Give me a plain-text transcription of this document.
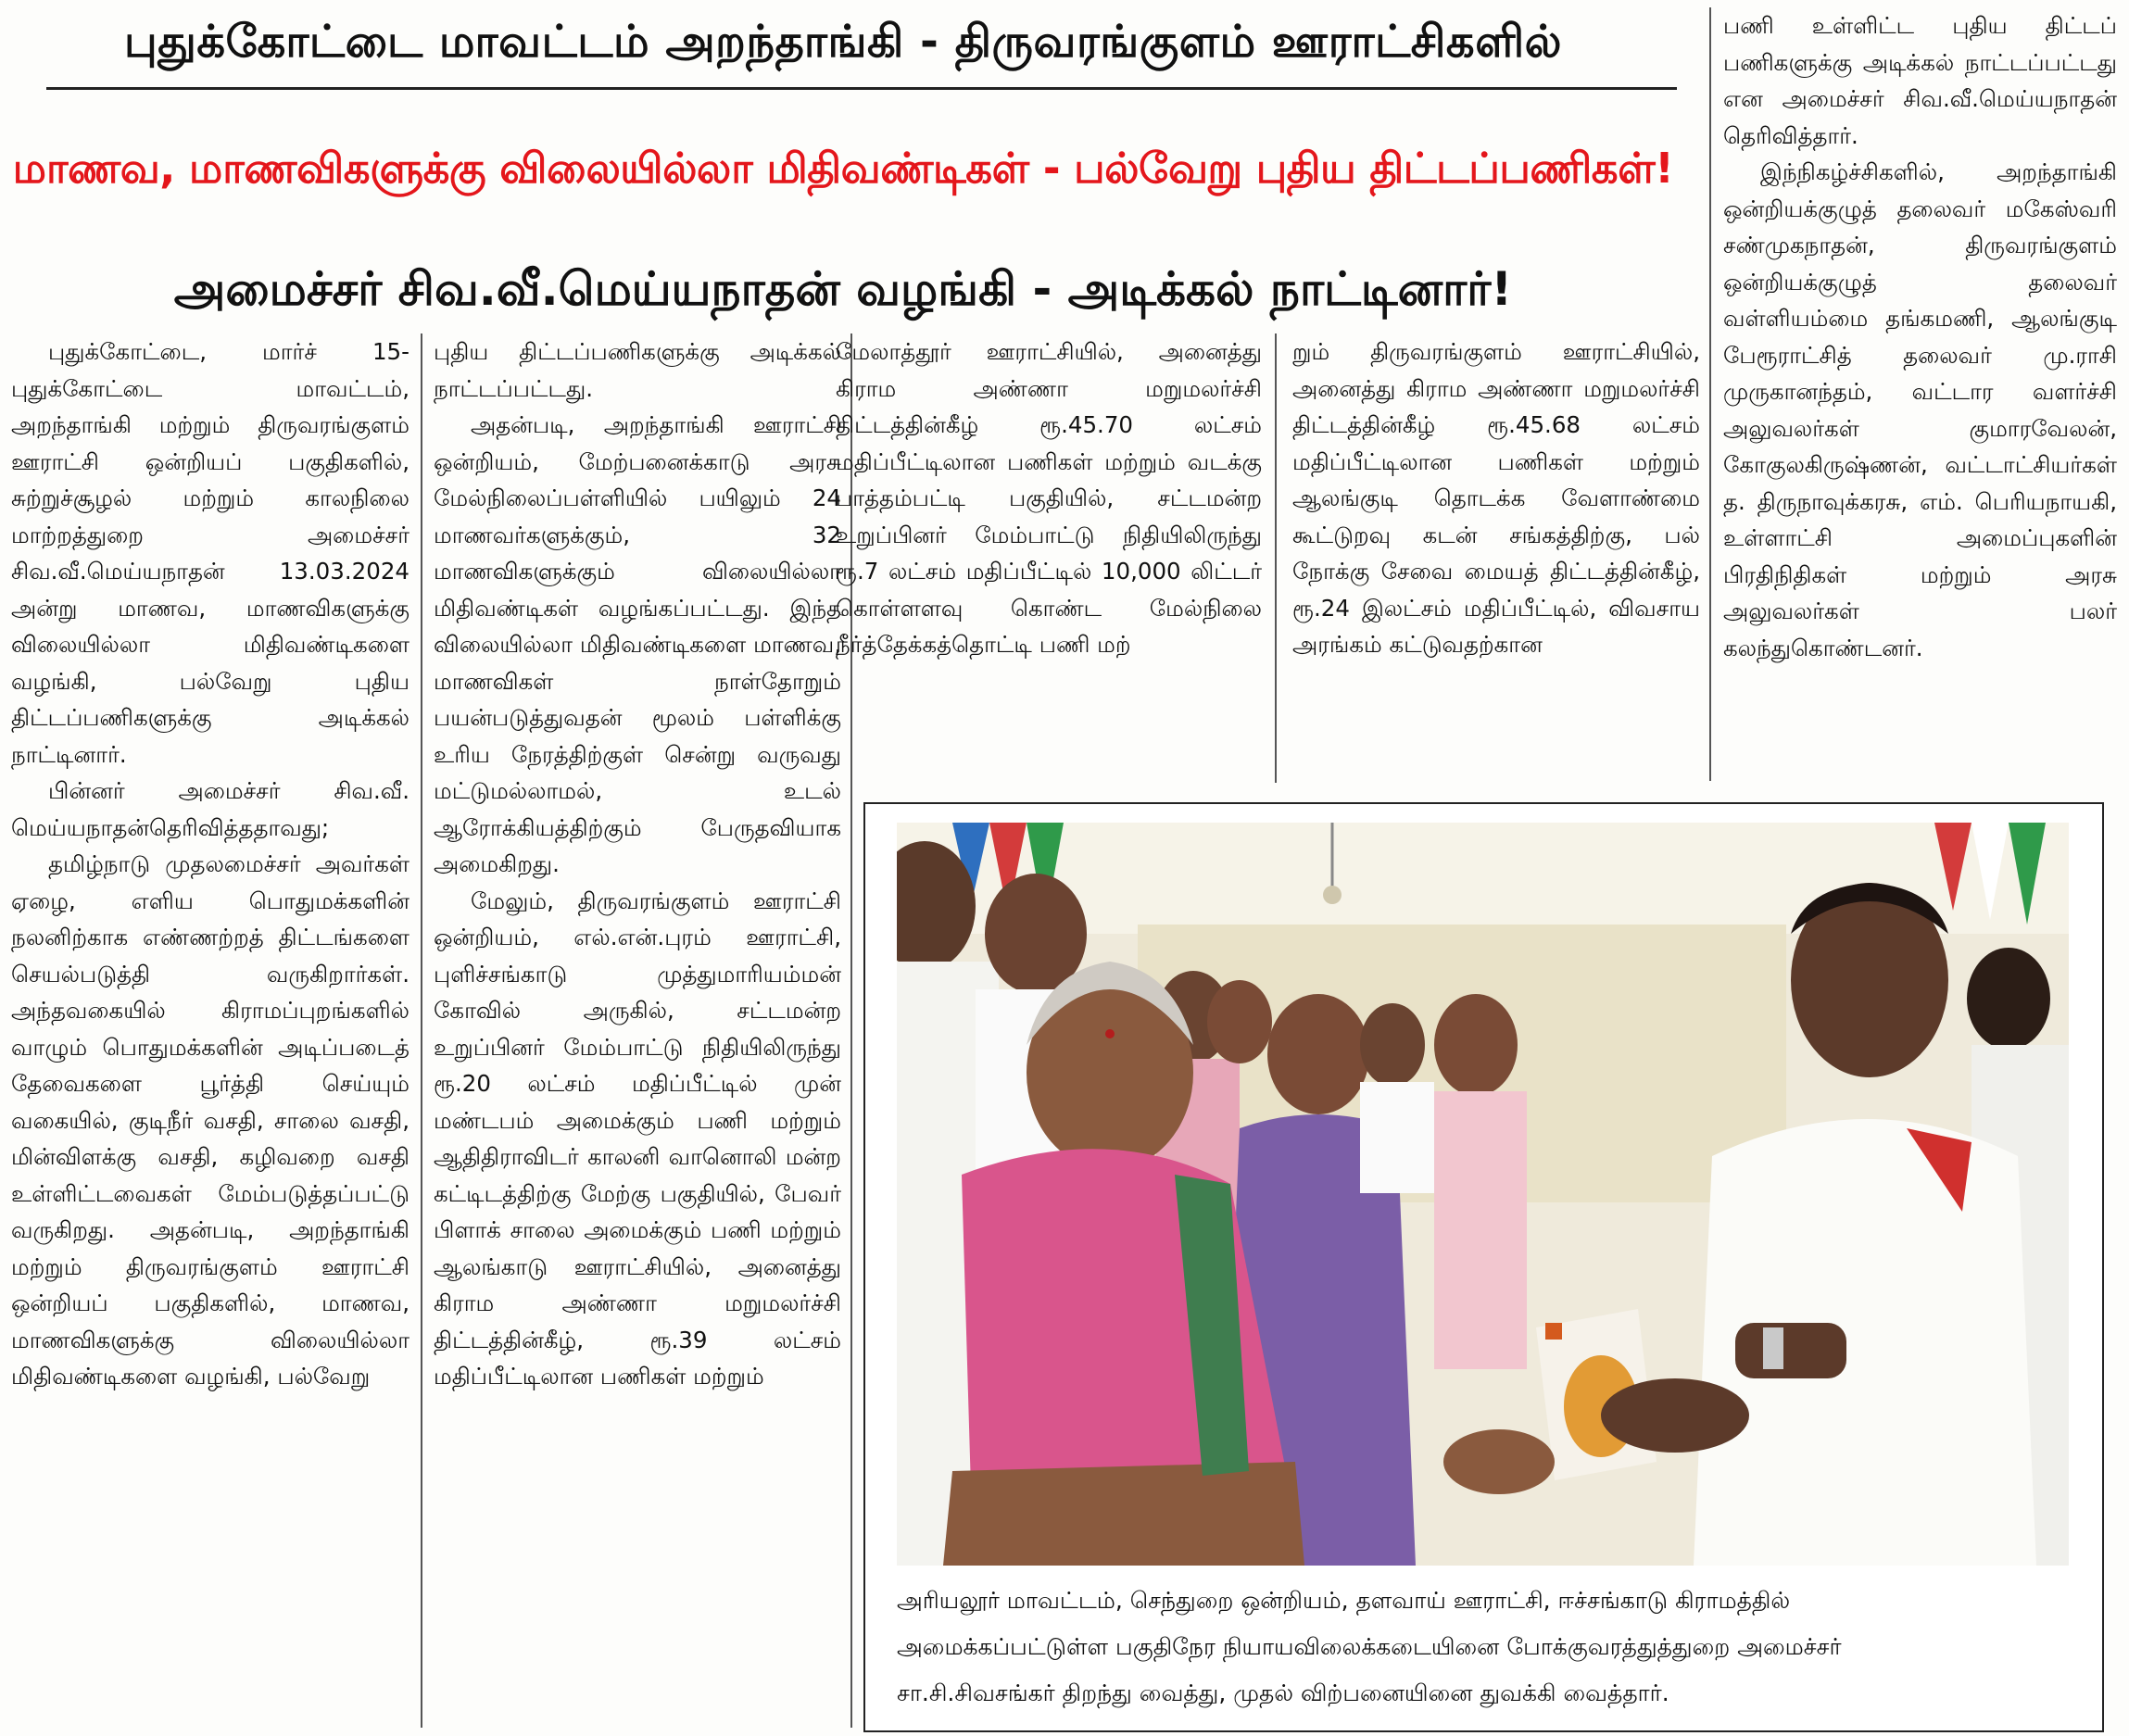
புதுக்கோட்டை மாவட்டம் அறந்தாங்கி - திருவரங்குளம் ஊராட்சிகளில்
மாணவ, மாணவிகளுக்கு விலையில்லா மிதிவண்டிகள் - பல்வேறு புதிய திட்டப்பணிகள்!
அமைச்சர் சிவ.வீ.மெய்யநாதன் வழங்கி - அடிக்கல் நாட்டினார்!

புதுக்கோட்டை, மார்ச் 15- புதுக்கோட்டை மாவட்டம், அறந்தாங்கி மற்றும் திருவரங்குளம் ஊராட்சி ஒன்றியப் பகுதிகளில், சுற்றுச்சூழல் மற்றும் காலநிலை மாற்றத்துறை அமைச்சர் சிவ.வீ.மெய்யநாதன் 13.03.2024 அன்று மாணவ, மாணவிகளுக்கு விலையில்லா மிதிவண்டிகளை வழங்கி, பல்வேறு புதிய திட்டப்பணிகளுக்கு அடிக்கல் நாட்டினார்.

பின்னர் அமைச்சர் சிவ.வீ. மெய்யநாதன்தெரிவித்ததாவது;

தமிழ்நாடு முதலமைச்சர் அவர்கள் ஏழை, எளிய பொதுமக்களின் நலனிற்காக எண்ணற்றத் திட்டங்களை செயல்படுத்தி வருகிறார்கள். அந்தவகையில் கிராமப்புறங்களில் வாழும் பொதுமக்களின் அடிப்படைத் தேவைகளை பூர்த்தி செய்யும் வகையில், குடிநீர் வசதி, சாலை வசதி, மின்விளக்கு வசதி, கழிவறை வசதி உள்ளிட்டவைகள் மேம்படுத்தப்பட்டு வருகிறது. அதன்படி, அறந்தாங்கி மற்றும் திருவரங்குளம் ஊராட்சி ஒன்றியப் பகுதிகளில், மாணவ, மாணவிகளுக்கு விலையில்லா மிதிவண்டிகளை வழங்கி, பல்வேறு

புதிய திட்டப்பணிகளுக்கு அடிக்கல் நாட்டப்பட்டது.

அதன்படி, அறந்தாங்கி ஊராட்சி ஒன்றியம், மேற்பனைக்காடு அரசு மேல்நிலைப்பள்ளியில் பயிலும் 24 மாணவர்களுக்கும், 32 மாணவிகளுக்கும் விலையில்லா மிதிவண்டிகள் வழங்கப்பட்டது. இந்த விலையில்லா மிதிவண்டிகளை மாணவ, மாணவிகள் நாள்தோறும் பயன்படுத்துவதன் மூலம் பள்ளிக்கு உரிய நேரத்திற்குள் சென்று வருவது மட்டுமல்லாமல், உடல் ஆரோக்கியத்திற்கும் பேருதவியாக அமைகிறது.

மேலும், திருவரங்குளம் ஊராட்சி ஒன்றியம், எல்.என்.புரம் ஊராட்சி, புளிச்சங்காடு முத்துமாரியம்மன் கோவில் அருகில், சட்டமன்ற உறுப்பினர் மேம்பாட்டு நிதியிலிருந்து ரூ.20 லட்சம் மதிப்பீட்டில் முன் மண்டபம் அமைக்கும் பணி மற்றும் ஆதிதிராவிடர் காலனி வானொலி மன்ற கட்டிடத்திற்கு மேற்கு பகுதியில், பேவர் பிளாக் சாலை அமைக்கும் பணி மற்றும் ஆலங்காடு ஊராட்சியில், அனைத்து கிராம அண்ணா மறுமலர்ச்சி திட்டத்தின்கீழ், ரூ.39 லட்சம் மதிப்பீட்டிலான பணிகள் மற்றும்

மேலாத்தூர் ஊராட்சியில், அனைத்து கிராம அண்ணா மறுமலர்ச்சி திட்டத்தின்கீழ் ரூ.45.70 லட்சம் மதிப்பீட்டிலான பணிகள் மற்றும் வடக்கு பாத்தம்பட்டி பகுதியில், சட்டமன்ற உறுப்பினர் மேம்பாட்டு நிதியிலிருந்து ரூ.7 லட்சம் மதிப்பீட்டில் 10,000 லிட்டர் கொள்ளளவு கொண்ட மேல்நிலை நீர்த்தேக்கத்தொட்டி பணி மற்

றும் திருவரங்குளம் ஊராட்சியில், அனைத்து கிராம அண்ணா மறுமலர்ச்சி திட்டத்தின்கீழ் ரூ.45.68 லட்சம் மதிப்பீட்டிலான பணிகள் மற்றும் ஆலங்குடி தொடக்க வேளாண்மை கூட்டுறவு கடன் சங்கத்திற்கு, பல் நோக்கு சேவை மையத் திட்டத்தின்கீழ், ரூ.24 இலட்சம் மதிப்பீட்டில், விவசாய அரங்கம் கட்டுவதற்கான

பணி உள்ளிட்ட புதிய திட்டப் பணிகளுக்கு அடிக்கல் நாட்டப்பட்டது என அமைச்சர் சிவ.வீ.மெய்யநாதன் தெரிவித்தார்.

இந்நிகழ்ச்சிகளில், அறந்தாங்கி ஒன்றியக்குழுத் தலைவர் மகேஸ்வரி சண்முகநாதன், திருவரங்குளம் ஒன்றியக்குழுத் தலைவர் வள்ளியம்மை தங்கமணி, ஆலங்குடி பேரூராட்சித் தலைவர் மு.ராசி முருகானந்தம், வட்டார வளர்ச்சி அலுவலர்கள் குமாரவேலன், கோகுலகிருஷ்ணன், வட்டாட்சியர்கள் த. திருநாவுக்கரசு, எம். பெரியநாயகி, உள்ளாட்சி அமைப்புகளின் பிரதிநிதிகள் மற்றும் அரசு அலுவலர்கள் பலர் கலந்துகொண்டனர்.

அரியலூர் மாவட்டம், செந்துறை ஒன்றியம், தளவாய் ஊராட்சி, ஈச்சங்காடு கிராமத்தில்
அமைக்கப்பட்டுள்ள பகுதிநேர நியாயவிலைக்கடையினை போக்குவரத்துத்துறை அமைச்சர்
சா.சி.சிவசங்கர் திறந்து வைத்து, முதல் விற்பனையினை துவக்கி வைத்தார்.
